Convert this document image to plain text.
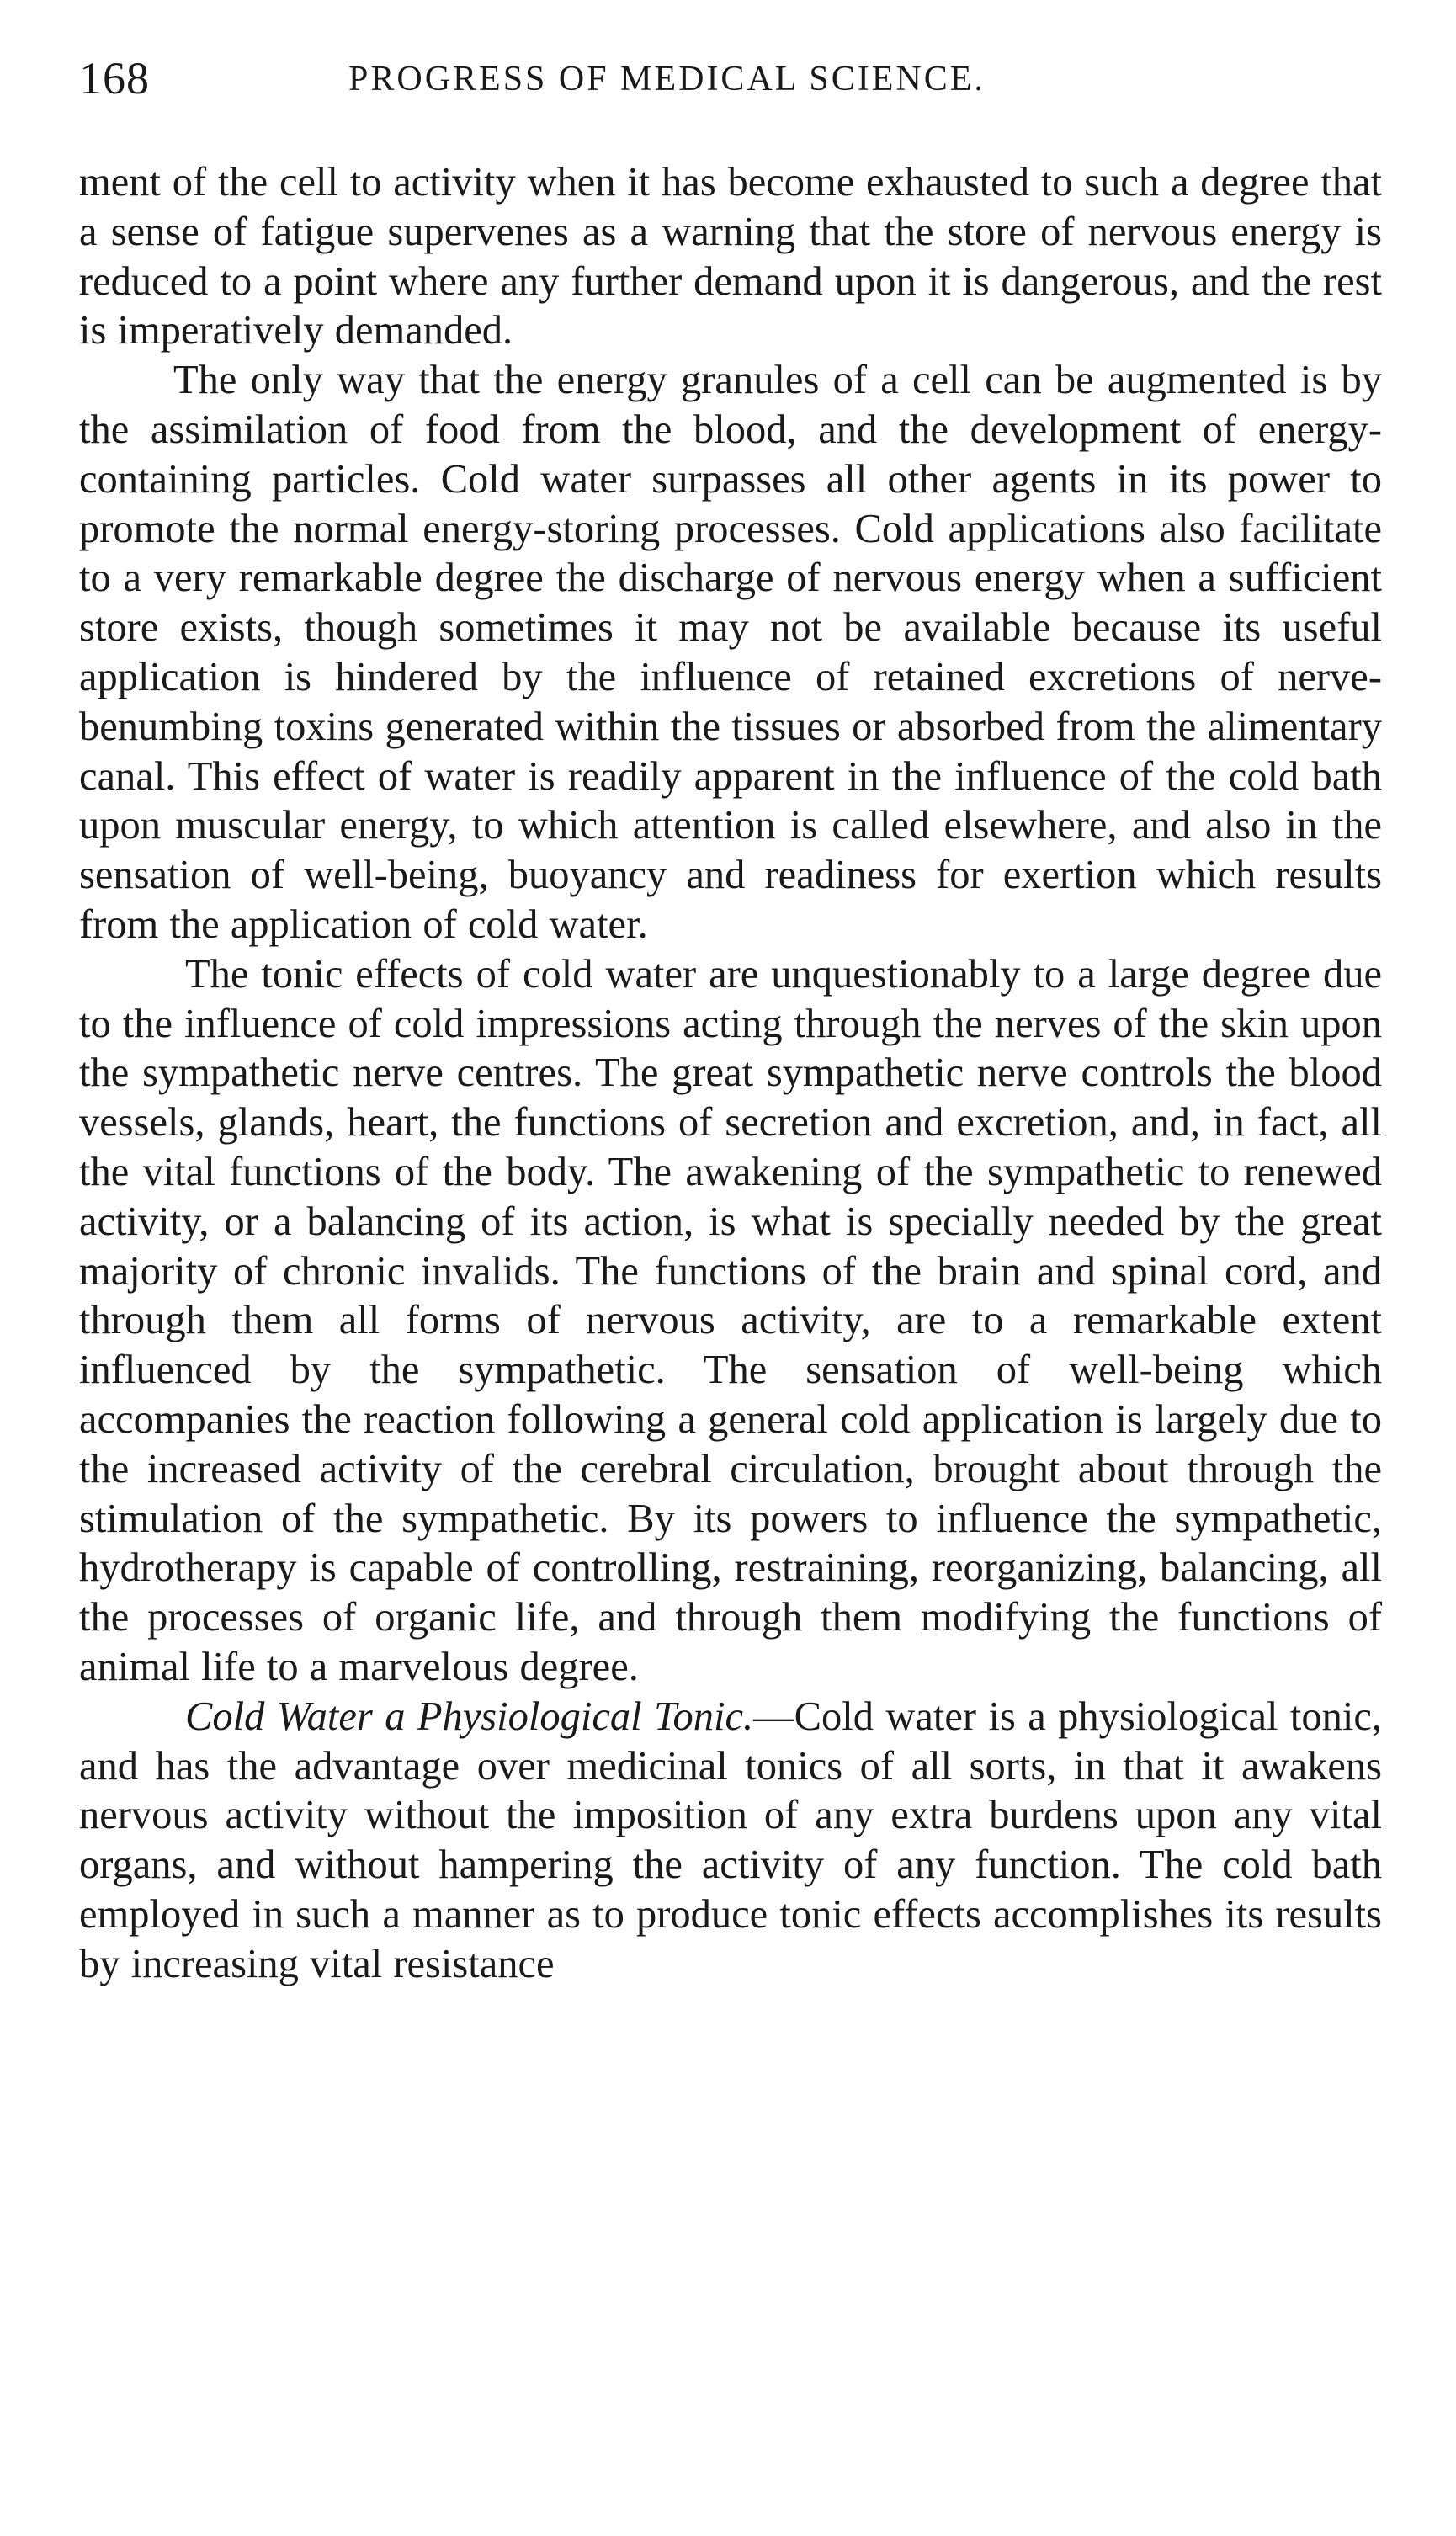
168	PROGRESS OF MEDICAL SCIENCE.

ment of the cell to activity when it has become exhausted to such a degree that a sense of fatigue supervenes as a warning that the store of nervous energy is reduced to a point where any further demand upon it is dangerous, and the rest is imperatively demanded.

The only way that the energy granules of a cell can be augmented is by the assimilation of food from the blood, and the development of energy-containing particles. Cold water surpasses all other agents in its power to promote the normal energy-storing processes. Cold applications also facilitate to a very remarkable degree the discharge of nervous energy when a sufficient store exists, though sometimes it may not be available because its useful application is hindered by the influence of retained excretions of nerve-benumbing toxins generated within the tissues or absorbed from the alimentary canal. This effect of water is readily apparent in the influence of the cold bath upon muscular energy, to which attention is called elsewhere, and also in the sensation of well-being, buoyancy and readiness for exertion which results from the application of cold water.

The tonic effects of cold water are unquestionably to a large degree due to the influence of cold impressions acting through the nerves of the skin upon the sympathetic nerve centres. The great sympathetic nerve controls the blood vessels, glands, heart, the functions of secretion and excretion, and, in fact, all the vital functions of the body. The awakening of the sympathetic to renewed activity, or a balancing of its action, is what is specially needed by the great majority of chronic invalids. The functions of the brain and spinal cord, and through them all forms of nervous activity, are to a remarkable extent influenced by the sympathetic. The sensation of well-being which accompanies the reaction following a general cold application is largely due to the increased activity of the cerebral circulation, brought about through the stimulation of the sympathetic. By its powers to influence the sympathetic, hydrotherapy is capable of controlling, restraining, reorganizing, balancing, all the processes of organic life, and through them modifying the functions of animal life to a marvelous degree.

Cold Water a Physiological Tonic.—Cold water is a physiological tonic, and has the advantage over medicinal tonics of all sorts, in that it awakens nervous activity without the imposition of any extra burdens upon any vital organs, and without hampering the activity of any function. The cold bath employed in such a manner as to produce tonic effects accomplishes its results by increasing vital resistance
